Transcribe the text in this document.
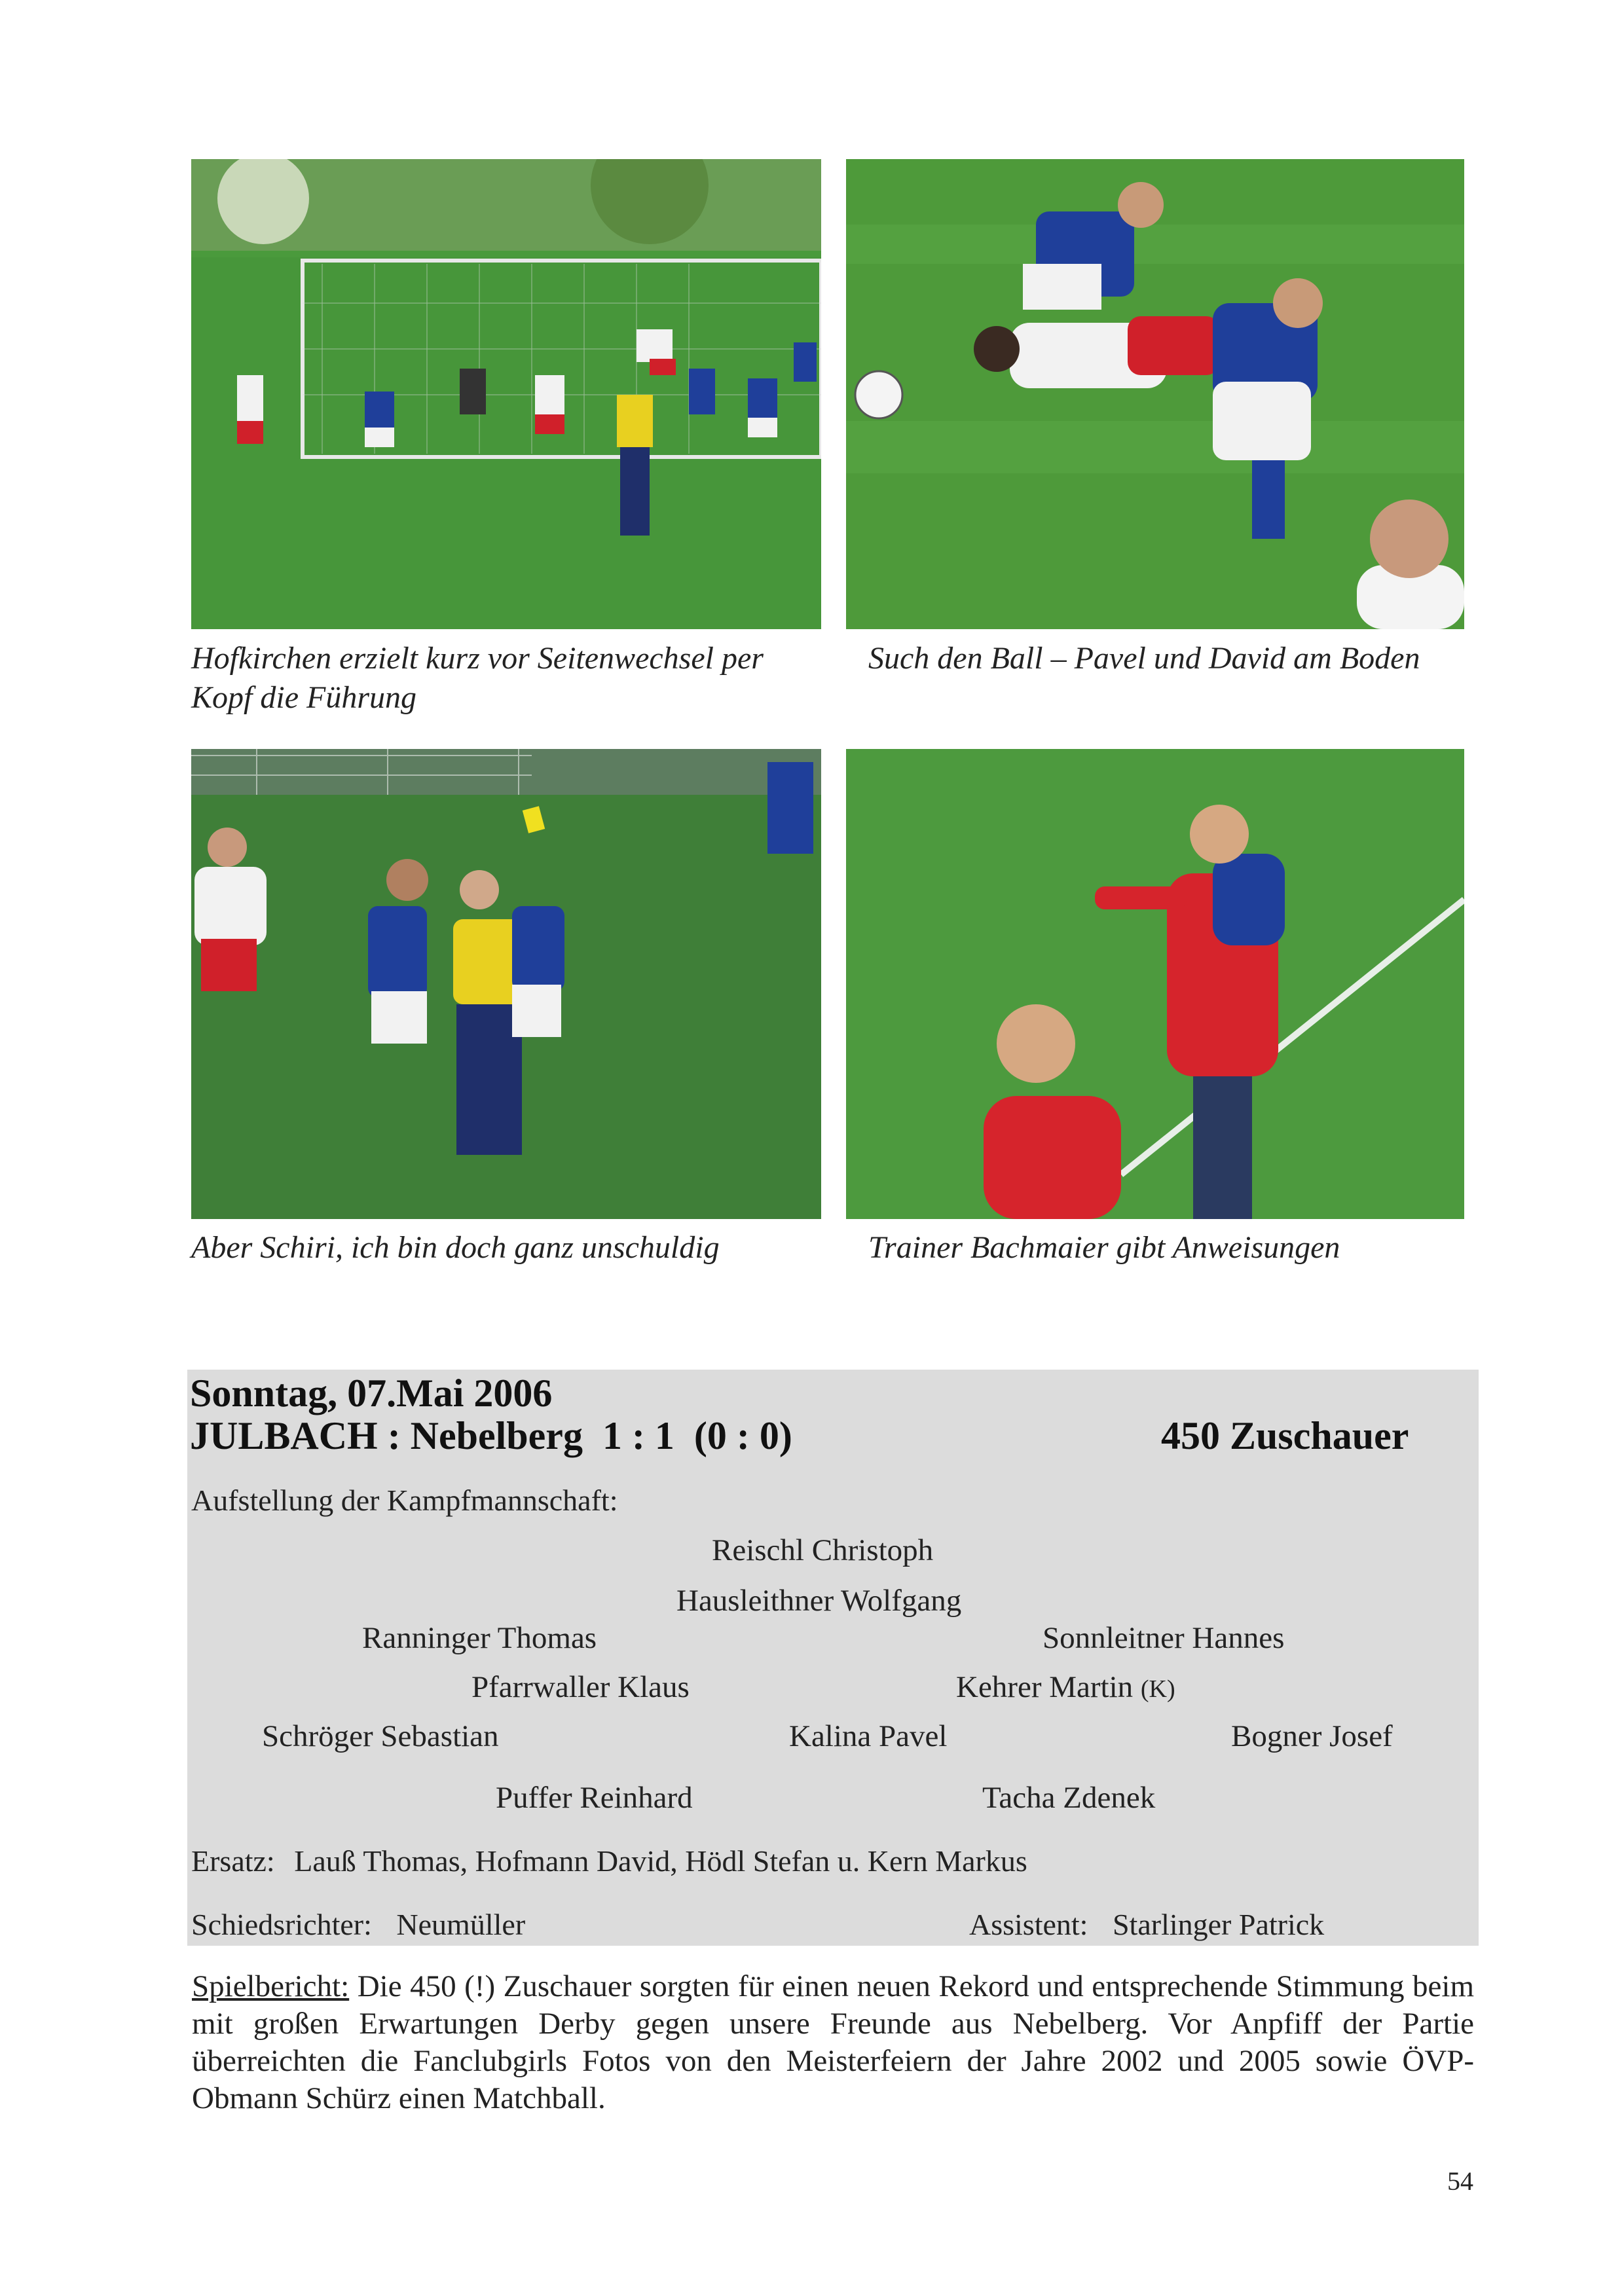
Hofkirchen erzielt kurz vor Seitenwechsel per
Kopf die Führung
Such den Ball – Pavel und David am Boden
Aber Schiri, ich bin doch ganz unschuldig	Trainer Bachmaier gibt Anweisungen
Sonntag, 07.Mai 2006
JULBACH : Nebelberg  1 : 1  (0 : 0)	450 Zuschauer
Aufstellung der Kampfmannschaft:
Reischl Christoph
Hausleithner Wolfgang
Ranninger Thomas	Sonnleitner Hannes
Pfarrwaller Klaus	Kehrer Martin (K)
Schröger Sebastian	Kalina Pavel	Bogner Josef
Puffer Reinhard	Tacha Zdenek
Ersatz: Lauß Thomas, Hofmann David, Hödl Stefan u. Kern Markus
Schiedsrichter: Neumüller	Assistent: Starlinger Patrick
Spielbericht: Die 450 (!) Zuschauer sorgten für einen neuen Rekord und entsprechende Stimmung beim mit großen Erwartungen Derby gegen unsere Freunde aus Nebelberg. Vor Anpfiff der Partie überreichten die Fanclubgirls Fotos von den Meisterfeiern der Jahre 2002 und 2005 sowie ÖVP-Obmann Schürz einen Matchball.
54
